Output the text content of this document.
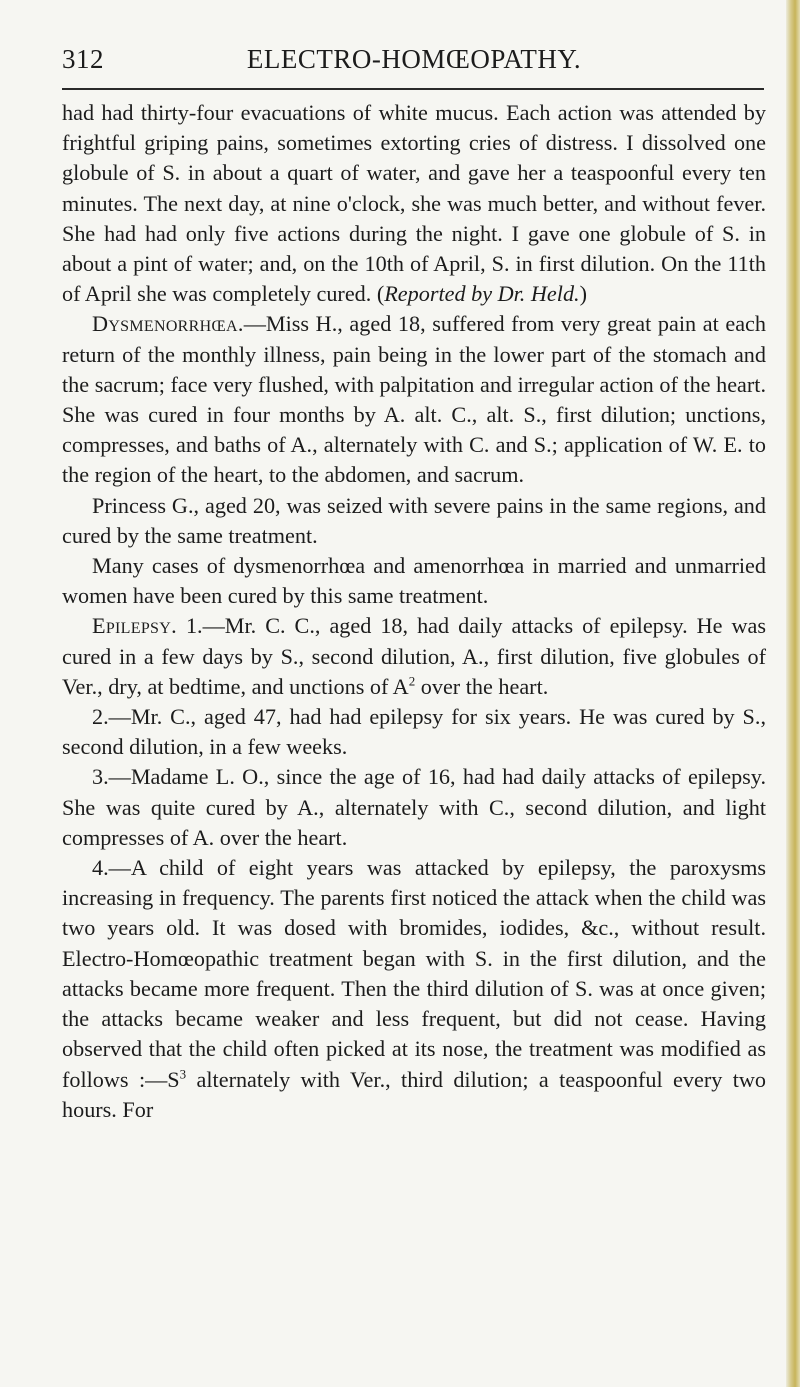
312	ELECTRO-HOMŒOPATHY.

had had thirty-four evacuations of white mucus. Each action was attended by frightful griping pains, sometimes extorting cries of distress. I dissolved one globule of S. in about a quart of water, and gave her a teaspoonful every ten minutes. The next day, at nine o'clock, she was much better, and without fever. She had had only five actions during the night. I gave one globule of S. in about a pint of water; and, on the 10th of April, S. in first dilution. On the 11th of April she was completely cured. (Reported by Dr. Held.)

Dysmenorrhœa.—Miss H., aged 18, suffered from very great pain at each return of the monthly illness, pain being in the lower part of the stomach and the sacrum; face very flushed, with palpitation and irregular action of the heart. She was cured in four months by A. alt. C., alt. S., first dilution; unctions, compresses, and baths of A., alternately with C. and S.; application of W. E. to the region of the heart, to the abdomen, and sacrum.

Princess G., aged 20, was seized with severe pains in the same regions, and cured by the same treatment.

Many cases of dysmenorrhœa and amenorrhœa in married and unmarried women have been cured by this same treatment.

Epilepsy. 1.—Mr. C. C., aged 18, had daily attacks of epilepsy. He was cured in a few days by S., second dilution, A., first dilution, five globules of Ver., dry, at bedtime, and unctions of $A^2$ over the heart.

2.—Mr. C., aged 47, had had epilepsy for six years. He was cured by S., second dilution, in a few weeks.

3.—Madame L. O., since the age of 16, had had daily attacks of epilepsy. She was quite cured by A., alternately with C., second dilution, and light compresses of A. over the heart.

4.—A child of eight years was attacked by epilepsy, the paroxysms increasing in frequency. The parents first noticed the attack when the child was two years old. It was dosed with bromides, iodides, &c., without result. Electro-Homœopathic treatment began with S. in the first dilution, and the attacks became more frequent. Then the third dilution of S. was at once given; the attacks became weaker and less frequent, but did not cease. Having observed that the child often picked at its nose, the treatment was modified as follows $:—S^3$ alternately with Ver., third dilution; a teaspoonful every two hours. For
